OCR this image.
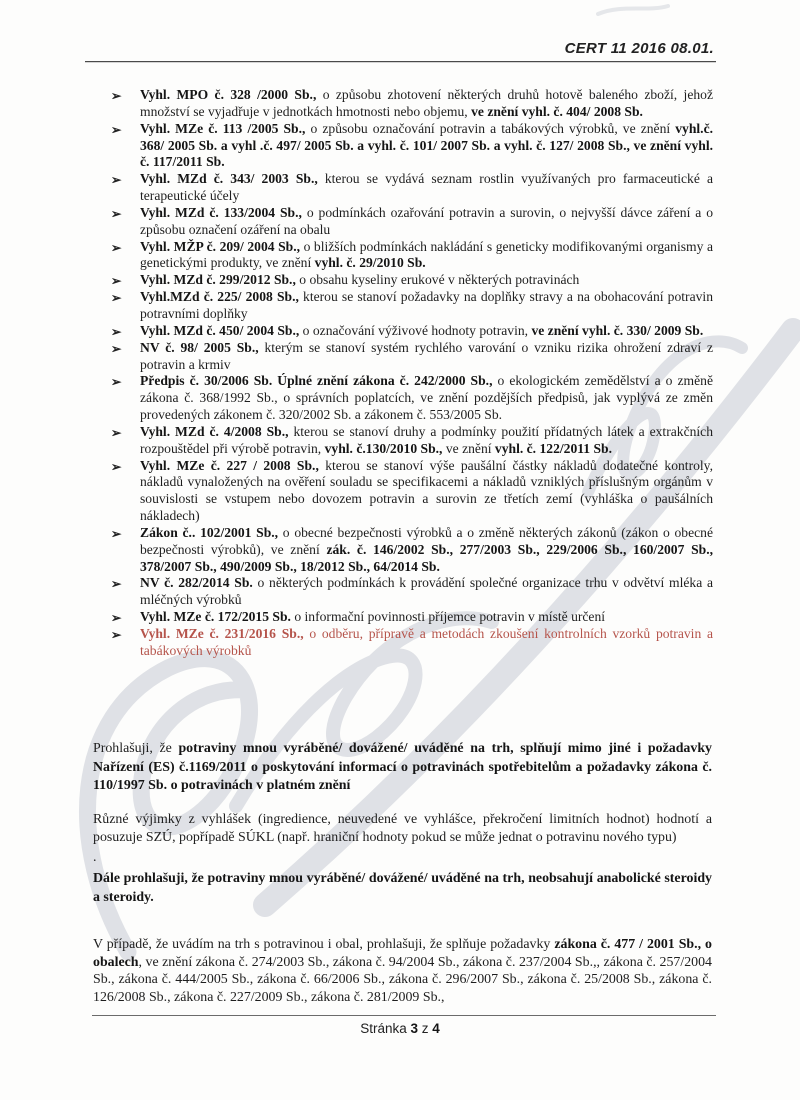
CERT 11 2016 08.01.
➢ Vyhl. MPO č. 328 /2000 Sb., o způsobu zhotovení některých druhů hotově baleného zboží, jehož množství se vyjadřuje v jednotkách hmotnosti nebo objemu, ve znění vyhl. č. 404/ 2008 Sb.
➢ Vyhl. MZe č. 113 /2005 Sb., o způsobu označování potravin a tabákových výrobků, ve znění vyhl.č. 368/ 2005 Sb. a vyhl .č. 497/ 2005 Sb. a vyhl. č. 101/ 2007 Sb. a vyhl. č. 127/ 2008 Sb., ve znění vyhl. č. 117/2011 Sb.
➢ Vyhl. MZd č. 343/ 2003 Sb., kterou se vydává seznam rostlin využívaných pro farmaceutické a terapeutické účely
➢ Vyhl. MZd č. 133/2004 Sb., o podmínkách ozařování potravin a surovin, o nejvyšší dávce záření a o způsobu označení ozáření na obalu
➢ Vyhl. MŽP č. 209/ 2004 Sb., o bližších podmínkách nakládání s geneticky modifikovanými organismy a genetickými produkty, ve znění vyhl. č. 29/2010 Sb.
➢ Vyhl. MZd č. 299/2012 Sb., o obsahu kyseliny erukové v některých potravinách
➢ Vyhl.MZd č. 225/ 2008 Sb., kterou se stanoví požadavky na doplňky stravy a na obohacování potravin potravními doplňky
➢ Vyhl. MZd č. 450/ 2004 Sb., o označování výživové hodnoty potravin, ve znění vyhl. č. 330/ 2009 Sb.
➢ NV č. 98/ 2005 Sb., kterým se stanoví systém rychlého varování o vzniku rizika ohrožení zdraví z potravin a krmiv
➢ Předpis č. 30/2006 Sb. Úplné znění zákona č. 242/2000 Sb., o ekologickém zemědělství a o změně zákona č. 368/1992 Sb., o správních poplatcích, ve znění pozdějších předpisů, jak vyplývá ze změn provedených zákonem č. 320/2002 Sb. a zákonem č. 553/2005 Sb.
➢ Vyhl. MZd č. 4/2008 Sb., kterou se stanoví druhy a podmínky použití přídatných látek a extrakčních rozpouštědel při výrobě potravin, vyhl. č.130/2010 Sb., ve znění vyhl. č. 122/2011 Sb.
➢ Vyhl. MZe č. 227 / 2008 Sb., kterou se stanoví výše paušální částky nákladů dodatečné kontroly, nákladů vynaložených na ověření souladu se specifikacemi a nákladů vzniklých příslušným orgánům v souvislosti se vstupem nebo dovozem potravin a surovin ze třetích zemí (vyhláška o paušálních nákladech)
➢ Zákon č.. 102/2001 Sb., o obecné bezpečnosti výrobků a o změně některých zákonů (zákon o obecné bezpečnosti výrobků), ve znění zák. č. 146/2002 Sb., 277/2003 Sb., 229/2006 Sb., 160/2007 Sb., 378/2007 Sb., 490/2009 Sb., 18/2012 Sb., 64/2014 Sb.
➢ NV č. 282/2014 Sb. o některých podmínkách k provádění společné organizace trhu v odvětví mléka a mléčných výrobků
➢ Vyhl. MZe č. 172/2015 Sb. o informační povinnosti příjemce potravin v místě určení
➢ Vyhl. MZe č. 231/2016 Sb., o odběru, přípravě a metodách zkoušení kontrolních vzorků potravin a tabákových výrobků

Prohlašuji, že potraviny mnou vyráběné/ dovážené/ uváděné na trh, splňují mimo jiné i požadavky Nařízení (ES) č.1169/2011 o poskytování informací o potravinách spotřebitelům a požadavky zákona č. 110/1997 Sb. o potravinách v platném znění

Různé výjimky z vyhlášek (ingredience, neuvedené ve vyhlášce, překročení limitních hodnot) hodnotí a posuzuje SZÚ, popřípadě SÚKL (např. hraniční hodnoty pokud se může jednat o potravinu nového typu)

.

Dále prohlašuji, že potraviny mnou vyráběné/ dovážené/ uváděné na trh, neobsahují anabolické steroidy a steroidy.

V případě, že uvádím na trh s potravinou i obal, prohlašuji, že splňuje požadavky zákona č. 477 / 2001 Sb., o obalech, ve znění zákona č. 274/2003 Sb., zákona č. 94/2004 Sb., zákona č. 237/2004 Sb.,, zákona č. 257/2004 Sb., zákona č. 444/2005 Sb., zákona č. 66/2006 Sb., zákona č. 296/2007 Sb., zákona č. 25/2008 Sb., zákona č. 126/2008 Sb., zákona č. 227/2009 Sb., zákona č. 281/2009 Sb.,

Stránka 3 z 4
